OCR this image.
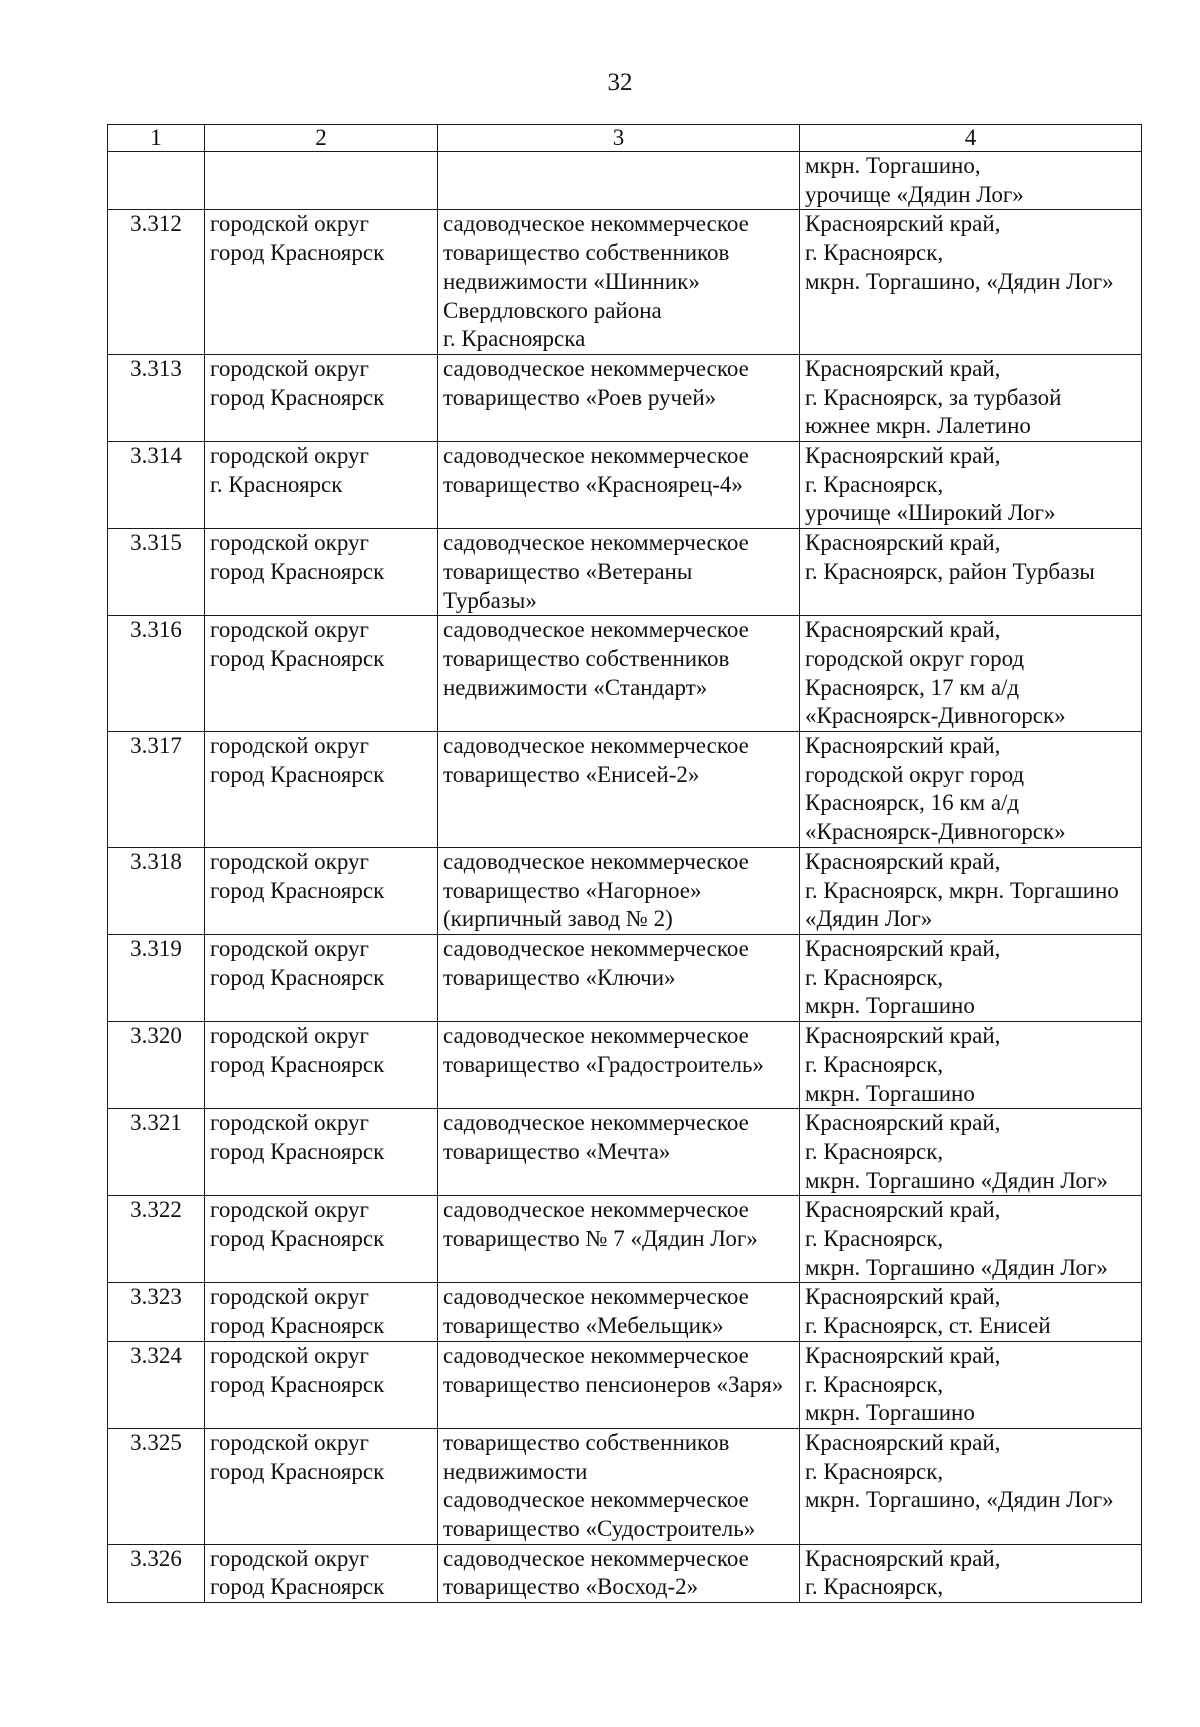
32
1	2	3	4

			мкрн. Торгашино,
урочище «Дядин Лог»

3.312	городской округ
город Красноярск	садоводческое некоммерческое
товарищество собственников
недвижимости «Шинник»
Свердловского района
г. Красноярска	Красноярский край,
г. Красноярск,
мкрн. Торгашино, «Дядин Лог»

3.313	городской округ
город Красноярск	садоводческое некоммерческое
товарищество «Роев ручей»	Красноярский край,
г. Красноярск, за турбазой
южнее мкрн. Лалетино

3.314	городской округ
г. Красноярск	садоводческое некоммерческое
товарищество «Красноярец-4»	Красноярский край,
г. Красноярск,
урочище «Широкий Лог»

3.315	городской округ
город Красноярск	садоводческое некоммерческое
товарищество «Ветераны
Турбазы»	Красноярский край,
г. Красноярск, район Турбазы

3.316	городской округ
город Красноярск	садоводческое некоммерческое
товарищество собственников
недвижимости «Стандарт»	Красноярский край,
городской округ город
Красноярск, 17 км а/д
«Красноярск-Дивногорск»

3.317	городской округ
город Красноярск	садоводческое некоммерческое
товарищество «Енисей-2»	Красноярский край,
городской округ город
Красноярск, 16 км а/д
«Красноярск-Дивногорск»

3.318	городской округ
город Красноярск	садоводческое некоммерческое
товарищество «Нагорное»
(кирпичный завод № 2)	Красноярский край,
г. Красноярск, мкрн. Торгашино
«Дядин Лог»

3.319	городской округ
город Красноярск	садоводческое некоммерческое
товарищество «Ключи»	Красноярский край,
г. Красноярск,
мкрн. Торгашино

3.320	городской округ
город Красноярск	садоводческое некоммерческое
товарищество «Градостроитель»	Красноярский край,
г. Красноярск,
мкрн. Торгашино

3.321	городской округ
город Красноярск	садоводческое некоммерческое
товарищество «Мечта»	Красноярский край,
г. Красноярск,
мкрн. Торгашино «Дядин Лог»

3.322	городской округ
город Красноярск	садоводческое некоммерческое
товарищество № 7 «Дядин Лог»	Красноярский край,
г. Красноярск,
мкрн. Торгашино «Дядин Лог»

3.323	городской округ
город Красноярск	садоводческое некоммерческое
товарищество «Мебельщик»	Красноярский край,
г. Красноярск, ст. Енисей

3.324	городской округ
город Красноярск	садоводческое некоммерческое
товарищество пенсионеров «Заря»	Красноярский край,
г. Красноярск,
мкрн. Торгашино

3.325	городской округ
город Красноярск	товарищество собственников
недвижимости
садоводческое некоммерческое
товарищество «Судостроитель»	Красноярский край,
г. Красноярск,
мкрн. Торгашино, «Дядин Лог»

3.326	городской округ
город Красноярск	садоводческое некоммерческое
товарищество «Восход-2»	Красноярский край,
г. Красноярск,
